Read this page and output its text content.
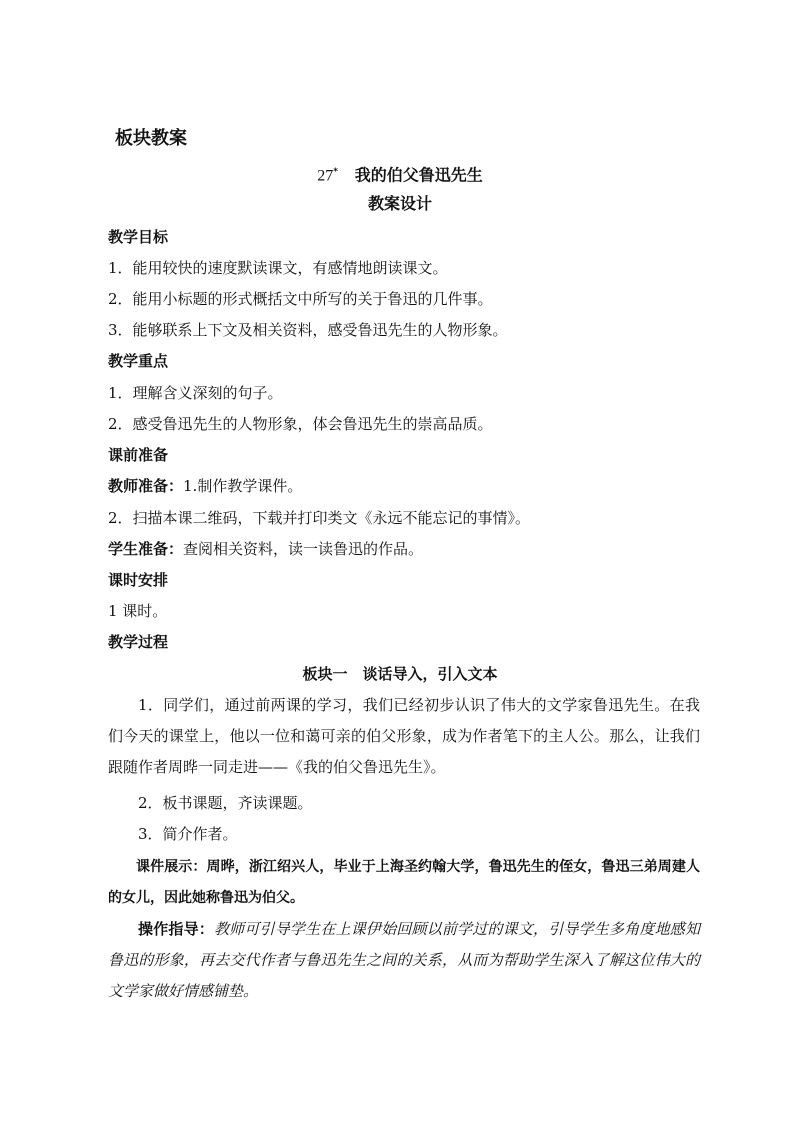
板块教案
27* 我的伯父鲁迅先生
教案设计
教学目标
1．能用较快的速度默读课文，有感情地朗读课文。
2．能用小标题的形式概括文中所写的关于鲁迅的几件事。
3．能够联系上下文及相关资料，感受鲁迅先生的人物形象。
教学重点
1．理解含义深刻的句子。
2．感受鲁迅先生的人物形象，体会鲁迅先生的崇高品质。
课前准备
教师准备：1.制作教学课件。
2．扫描本课二维码，下载并打印类文《永远不能忘记的事情》。
学生准备：查阅相关资料，读一读鲁迅的作品。
课时安排
1 课时。
教学过程
板块一　谈话导入，引入文本
1．同学们，通过前两课的学习，我们已经初步认识了伟大的文学家鲁迅先生。在我们今天的课堂上，他以一位和蔼可亲的伯父形象，成为作者笔下的主人公。那么，让我们跟随作者周晔一同走进——《我的伯父鲁迅先生》。
2．板书课题，齐读课题。
3．简介作者。
课件展示：周晔，浙江绍兴人，毕业于上海圣约翰大学，鲁迅先生的侄女，鲁迅三弟周建人的女儿，因此她称鲁迅为伯父。
操作指导：教师可引导学生在上课伊始回顾以前学过的课文，引导学生多角度地感知鲁迅的形象，再去交代作者与鲁迅先生之间的关系，从而为帮助学生深入了解这位伟大的文学家做好情感铺垫。
